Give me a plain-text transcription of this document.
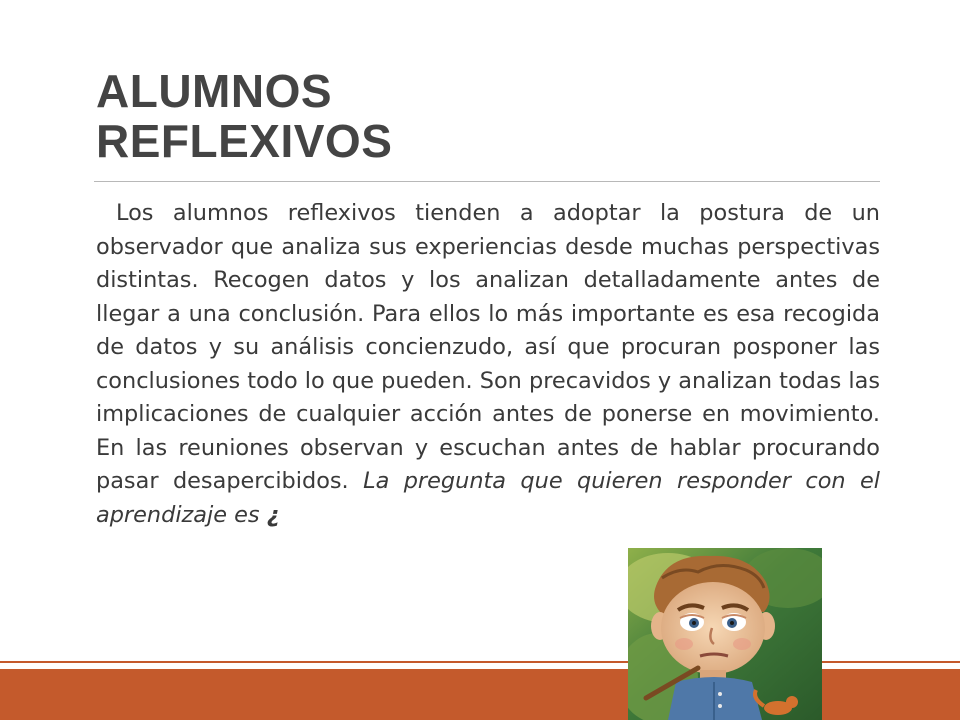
ALUMNOS
REFLEXIVOS

Los alumnos reflexivos tienden a adoptar la postura de un observador que analiza sus experiencias desde muchas perspectivas distintas. Recogen datos y los analizan detalladamente antes de llegar a una conclusión. Para ellos lo más importante es esa recogida de datos y su análisis concienzudo, así que procuran posponer las conclusiones todo lo que pueden. Son precavidos y analizan todas las implicaciones de cualquier acción antes de ponerse en movimiento. En las reuniones observan y escuchan antes de hablar procurando pasar desapercibidos. La pregunta que quieren responder con el aprendizaje es ¿
